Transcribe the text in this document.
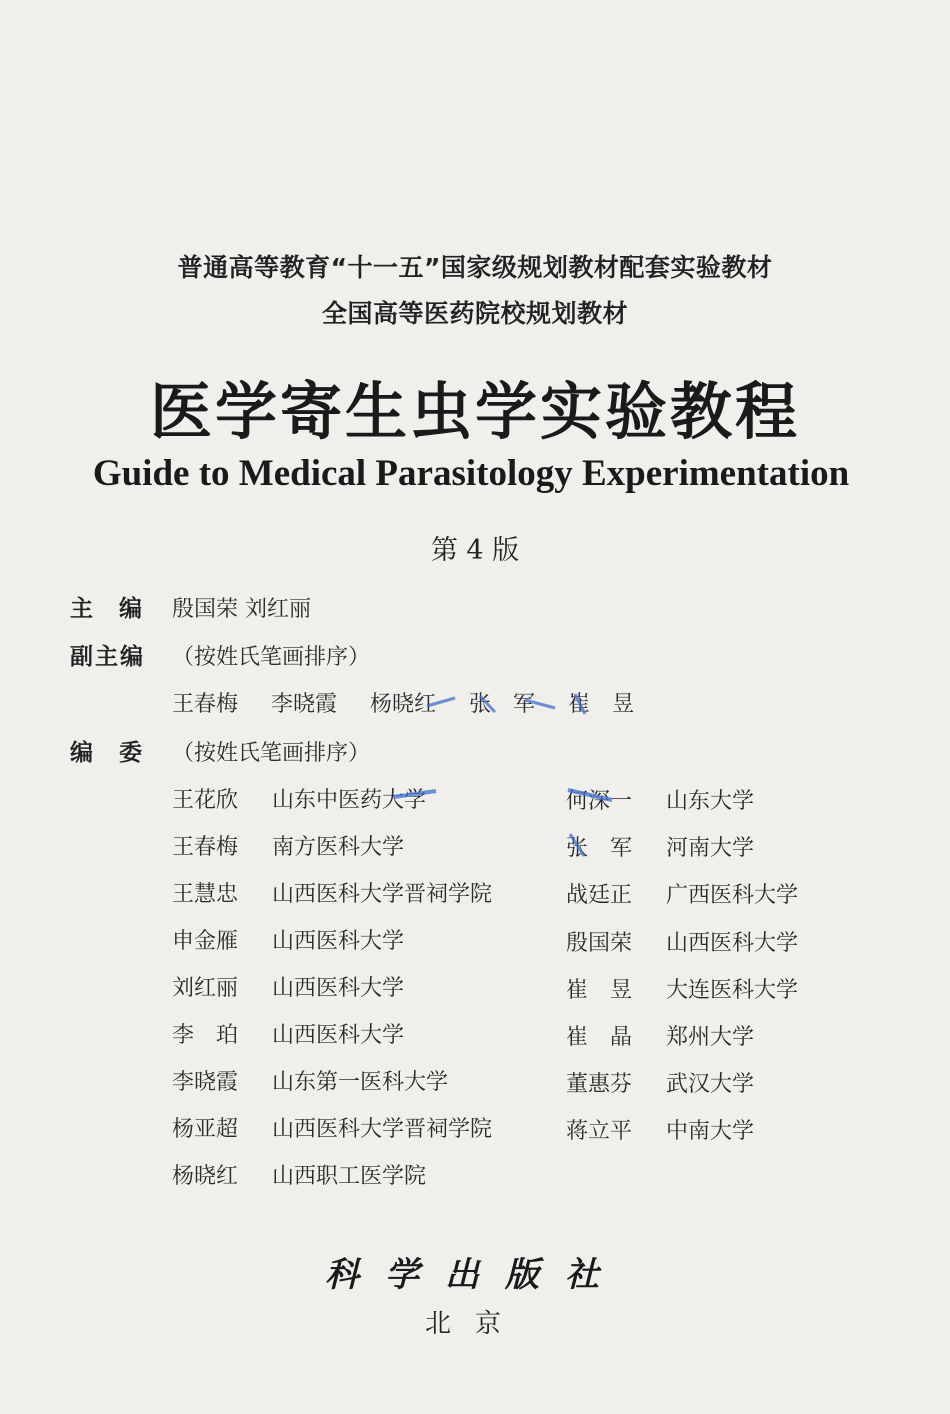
普通高等教育“十一五”国家级规划教材配套实验教材
全国高等医药院校规划教材
医学寄生虫学实验教程
Guide to Medical Parasitology Experimentation
第 4 版
主编 殷国荣 刘红丽
副主编 （按姓氏笔画排序）
王春梅 李晓霞 杨晓红 张　军 崔　昱
编委 （按姓氏笔画排序）
王花欣	山东中医药大学
王春梅	南方医科大学
王慧忠	山西医科大学晋祠学院
申金雁	山西医科大学
刘红丽	山西医科大学
李　珀	山西医科大学
李晓霞	山东第一医科大学
杨亚超	山西医科大学晋祠学院
杨晓红	山西职工医学院
何深一	山东大学
张　军	河南大学
战廷正	广西医科大学
殷国荣	山西医科大学
崔　昱	大连医科大学
崔　晶	郑州大学
董惠芬	武汉大学
蒋立平	中南大学
科学出版社
北京
